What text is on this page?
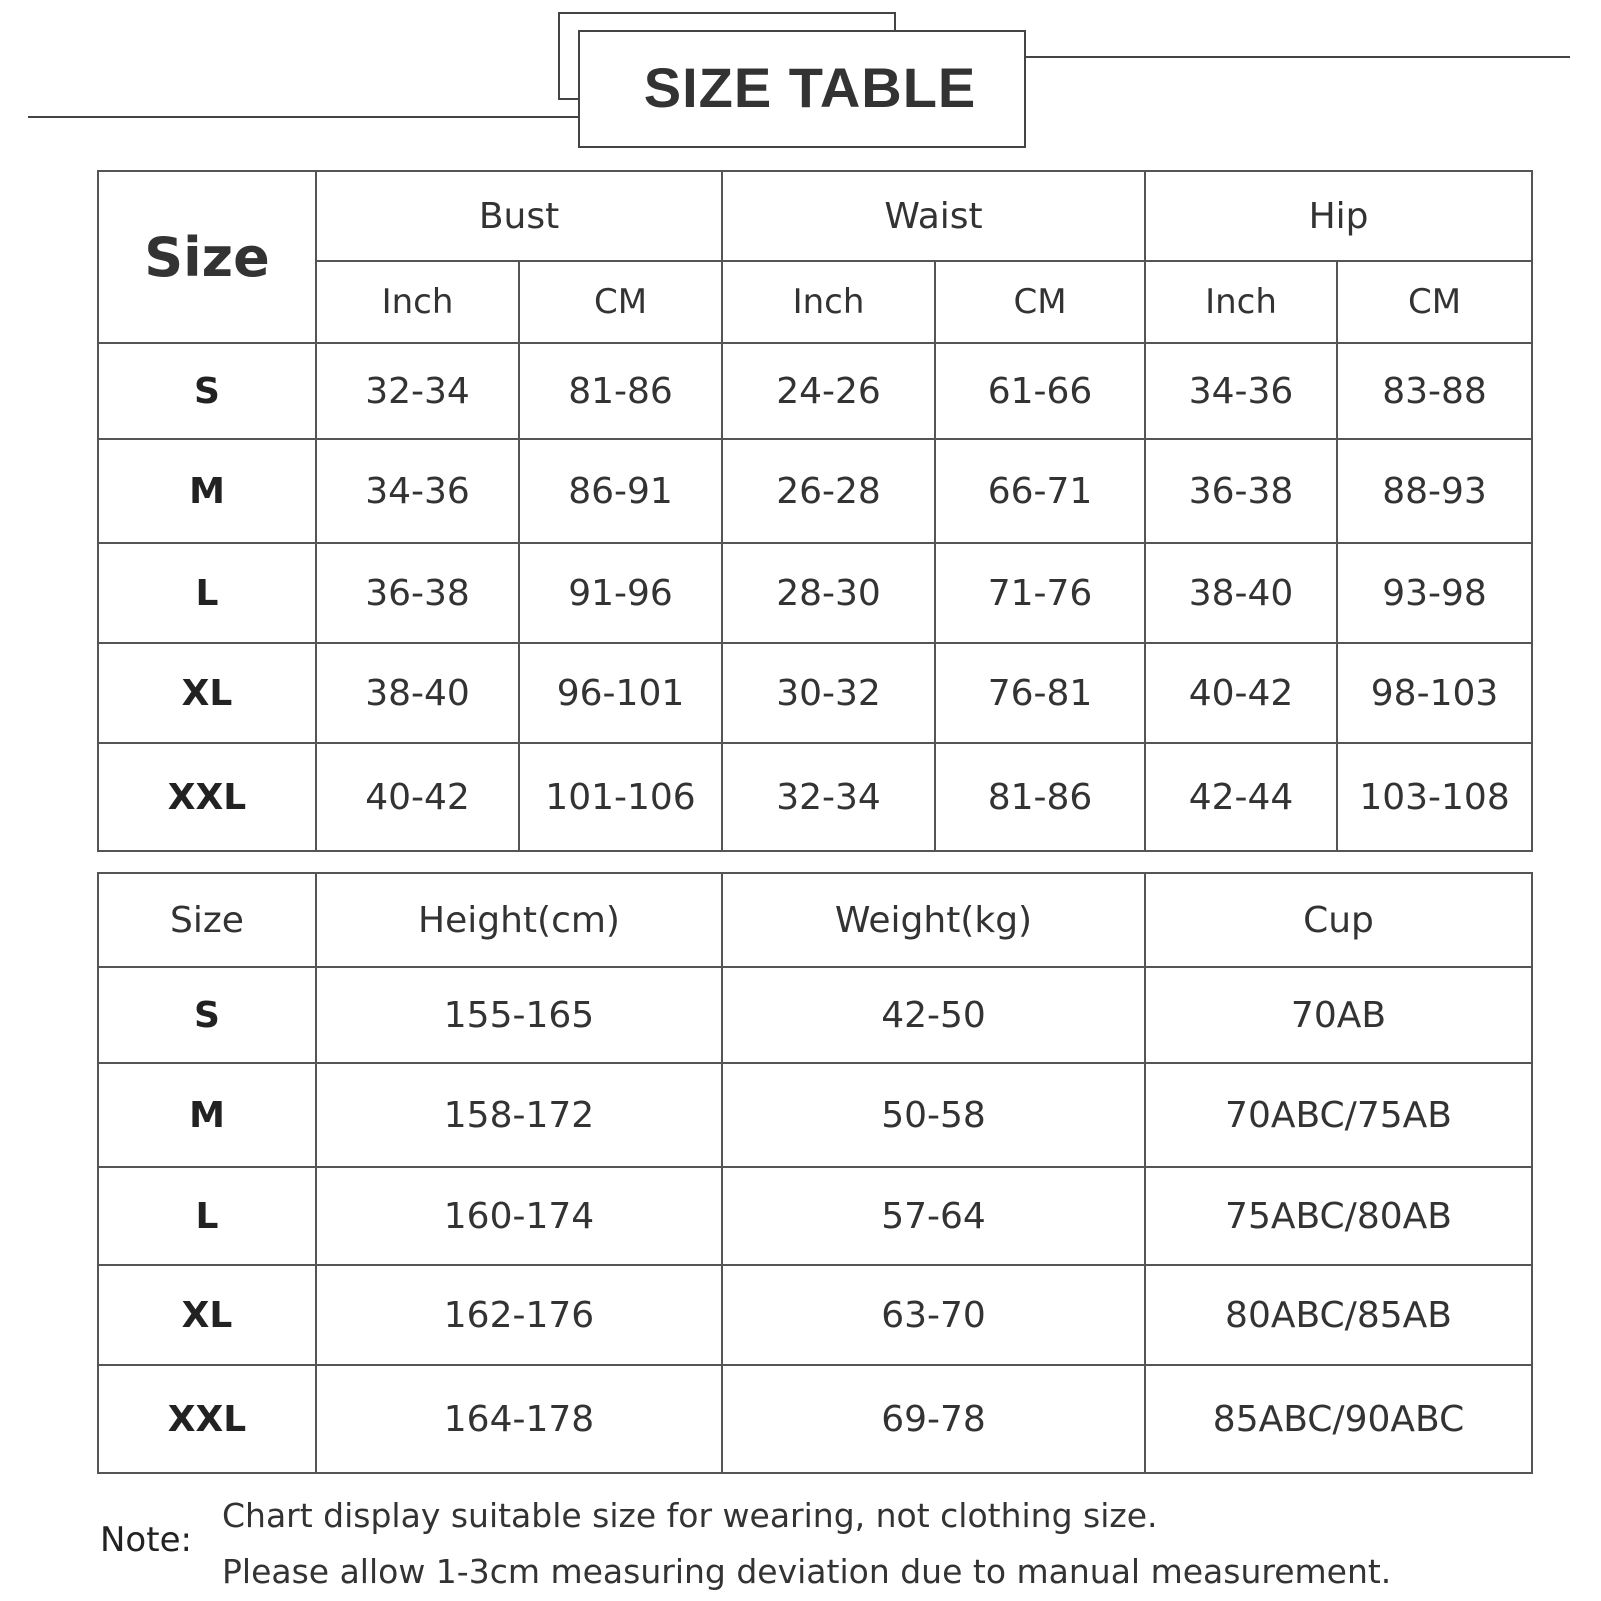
SIZE TABLE
Size	Bust		Waist		Hip	
	Inch	CM	Inch	CM	Inch	CM
S	32-34	81-86	24-26	61-66	34-36	83-88
M	34-36	86-91	26-28	66-71	36-38	88-93
L	36-38	91-96	28-30	71-76	38-40	93-98
XL	38-40	96-101	30-32	76-81	40-42	98-103
XXL	40-42	101-106	32-34	81-86	42-44	103-108
Size	Height(cm)	Weight(kg)	Cup
S	155-165	42-50	70AB
M	158-172	50-58	70ABC/75AB
L	160-174	57-64	75ABC/80AB
XL	162-176	63-70	80ABC/85AB
XXL	164-178	69-78	85ABC/90ABC
Note:
Chart display suitable size for wearing, not clothing size.
Please allow 1-3cm measuring deviation due to manual measurement.
